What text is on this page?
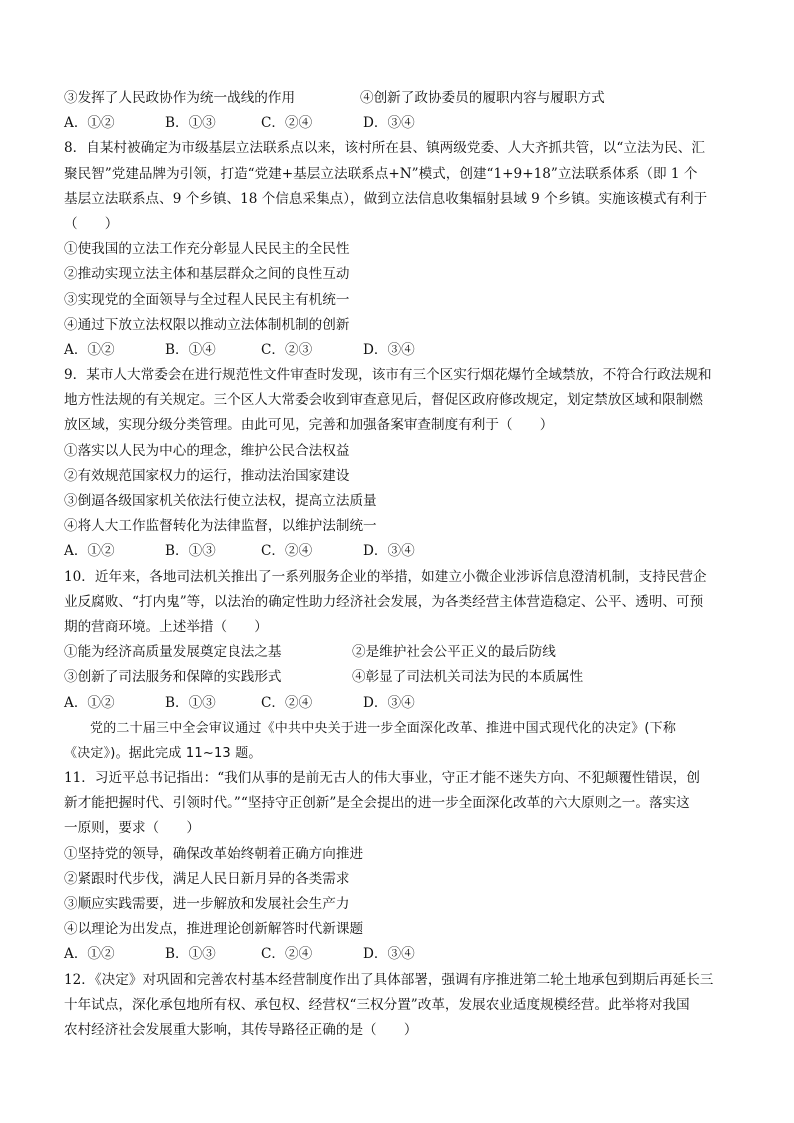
③发挥了人民政协作为统一战线的作用	④创新了政协委员的履职内容与履职方式
A．①②	B．①③	C．②④	D．③④
8．自某村被确定为市级基层立法联系点以来，该村所在县、镇两级党委、人大齐抓共管，以“立法为民、汇
聚民智”党建品牌为引领，打造“党建+基层立法联系点+N”模式，创建“1+9+18”立法联系体系（即 1 个
基层立法联系点、9 个乡镇、18 个信息采集点），做到立法信息收集辐射县域 9 个乡镇。实施该模式有利于
（　　）
①使我国的立法工作充分彰显人民民主的全民性
②推动实现立法主体和基层群众之间的良性互动
③实现党的全面领导与全过程人民民主有机统一
④通过下放立法权限以推动立法体制机制的创新
A．①②	B．①④	C．②③	D．③④
9．某市人大常委会在进行规范性文件审查时发现，该市有三个区实行烟花爆竹全域禁放，不符合行政法规和
地方性法规的有关规定。三个区人大常委会收到审查意见后，督促区政府修改规定，划定禁放区域和限制燃
放区域，实现分级分类管理。由此可见，完善和加强备案审查制度有利于（　　）
①落实以人民为中心的理念，维护公民合法权益
②有效规范国家权力的运行，推动法治国家建设
③倒逼各级国家机关依法行使立法权，提高立法质量
④将人大工作监督转化为法律监督，以维护法制统一
A．①②	B．①③	C．②④	D．③④
10．近年来，各地司法机关推出了一系列服务企业的举措，如建立小微企业涉诉信息澄清机制，支持民营企
业反腐败、“打内鬼”等，以法治的确定性助力经济社会发展，为各类经营主体营造稳定、公平、透明、可预
期的营商环境。上述举措（　　）
①能为经济高质量发展奠定良法之基	②是维护社会公平正义的最后防线
③创新了司法服务和保障的实践形式	④彰显了司法机关司法为民的本质属性
A．①②	B．①③	C．②④	D．③④
党的二十届三中全会审议通过《中共中央关于进一步全面深化改革、推进中国式现代化的决定》(下称
《决定》)。据此完成 11~13 题。
11．习近平总书记指出：“我们从事的是前无古人的伟大事业，守正才能不迷失方向、不犯颠覆性错误，创
新才能把握时代、引领时代。”“坚持守正创新”是全会提出的进一步全面深化改革的六大原则之一。落实这
一原则，要求（　　）
①坚持党的领导，确保改革始终朝着正确方向推进
②紧跟时代步伐，满足人民日新月异的各类需求
③顺应实践需要，进一步解放和发展社会生产力
④以理论为出发点，推进理论创新解答时代新课题
A．①②	B．①③	C．②④	D．③④
12．《决定》对巩固和完善农村基本经营制度作出了具体部署，强调有序推进第二轮土地承包到期后再延长三
十年试点，深化承包地所有权、承包权、经营权“三权分置”改革，发展农业适度规模经营。此举将对我国
农村经济社会发展重大影响，其传导路径正确的是（　　）
